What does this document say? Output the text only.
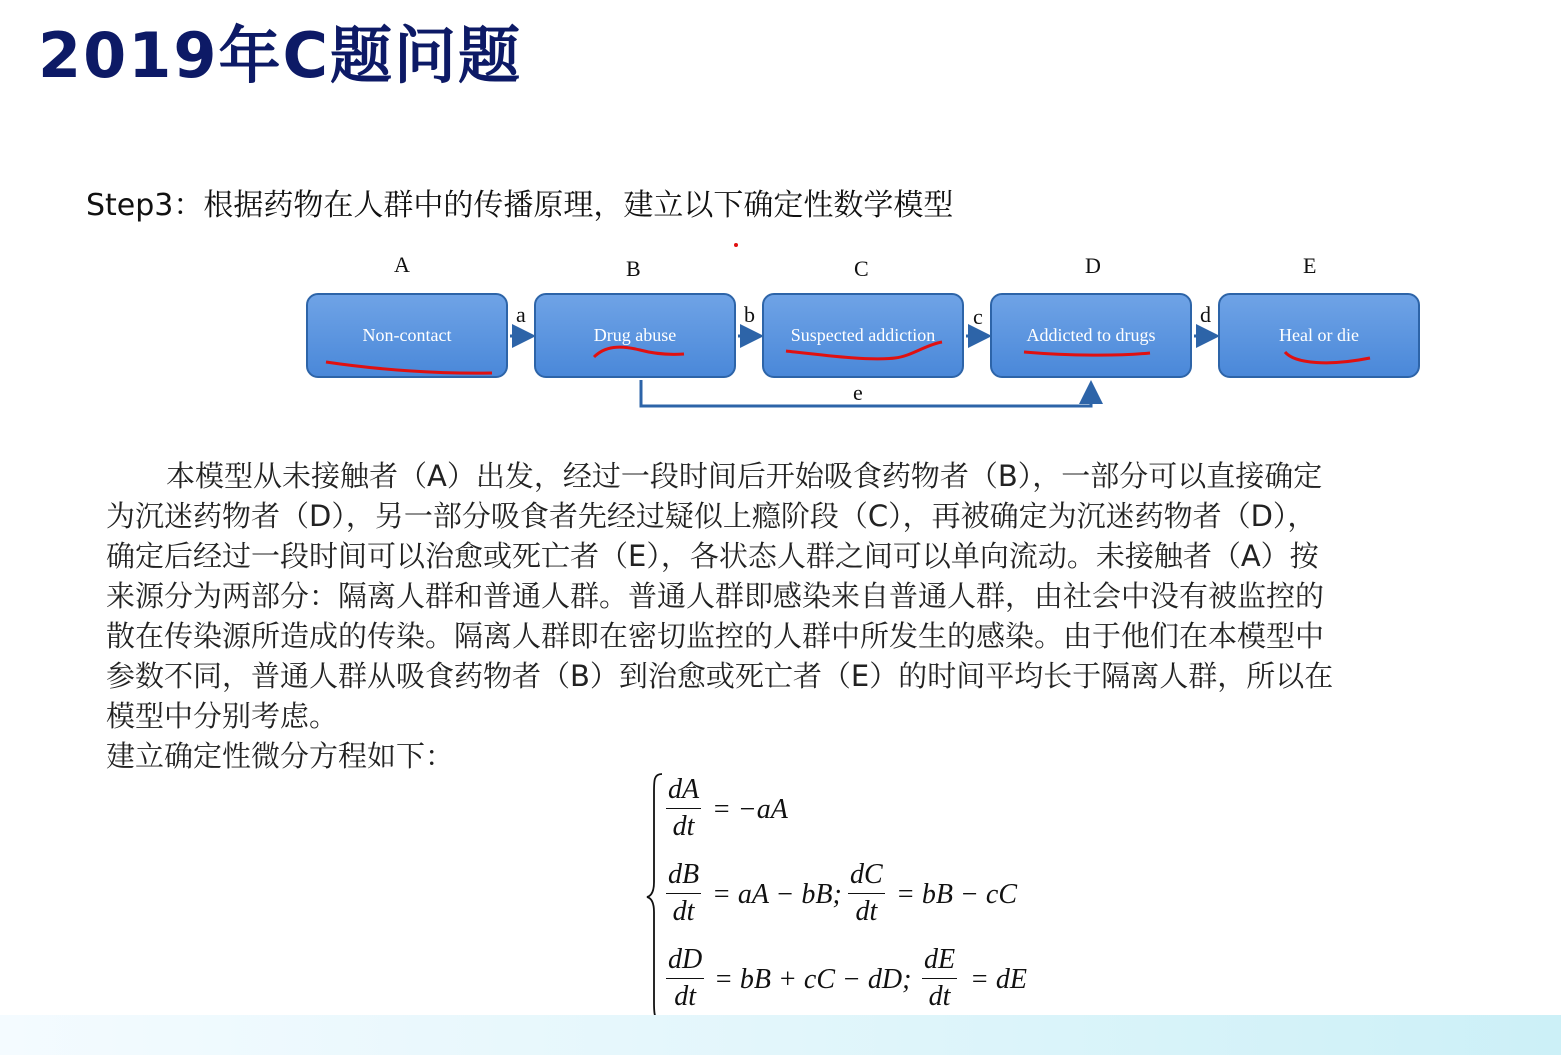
2019年C题问题
Step3：根据药物在人群中的传播原理，建立以下确定性数学模型
A	B	C	D	E
Non-contact	Drug abuse	Suspected addiction	Addicted to drugs	Heal or die
a	b	c	d
e
本模型从未接触者（A）出发，经过一段时间后开始吸食药物者（B），一部分可以直接确定
为沉迷药物者（D），另一部分吸食者先经过疑似上瘾阶段（C），再被确定为沉迷药物者（D），
确定后经过一段时间可以治愈或死亡者（E），各状态人群之间可以单向流动。未接触者（A）按
来源分为两部分：隔离人群和普通人群。普通人群即感染来自普通人群，由社会中没有被监控的
散在传染源所造成的传染。隔离人群即在密切监控的人群中所发生的感染。由于他们在本模型中
参数不同，普通人群从吸食药物者（B）到治愈或死亡者（E）的时间平均长于隔离人群，所以在
模型中分别考虑。
建立确定性微分方程如下：
$\frac{dA}{dt} = -aA$
$\frac{dB}{dt}$ = aA − bB; $\frac{dC}{dt}$ = bB − cC
$\frac{dD}{dt}$ = bB + cC − dD; $\frac{dE}{dt}$ = dE
